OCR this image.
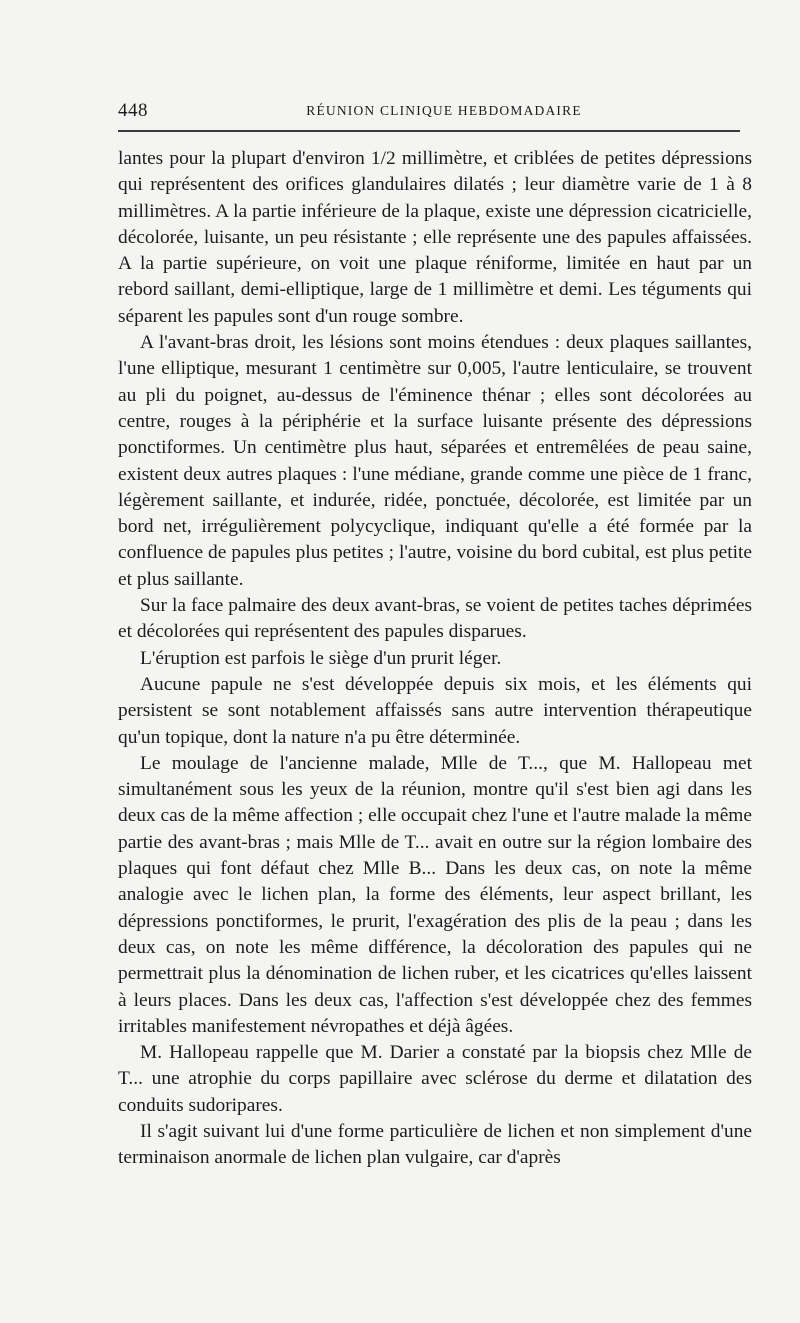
448	RÉUNION CLINIQUE HEBDOMADAIRE

lantes pour la plupart d'environ 1/2 millimètre, et criblées de petites dépressions qui représentent des orifices glandulaires dilatés ; leur diamètre varie de 1 à 8 millimètres. A la partie inférieure de la plaque, existe une dépression cicatricielle, décolorée, luisante, un peu résistante ; elle représente une des papules affaissées. A la partie supérieure, on voit une plaque réniforme, limitée en haut par un rebord saillant, demi-elliptique, large de 1 millimètre et demi. Les téguments qui séparent les papules sont d'un rouge sombre.

A l'avant-bras droit, les lésions sont moins étendues : deux plaques saillantes, l'une elliptique, mesurant 1 centimètre sur 0,005, l'autre lenticulaire, se trouvent au pli du poignet, au-dessus de l'éminence thénar ; elles sont décolorées au centre, rouges à la périphérie et la surface luisante présente des dépressions ponctiformes. Un centimètre plus haut, séparées et entremêlées de peau saine, existent deux autres plaques : l'une médiane, grande comme une pièce de 1 franc, légèrement saillante, et indurée, ridée, ponctuée, décolorée, est limitée par un bord net, irrégulièrement polycyclique, indiquant qu'elle a été formée par la confluence de papules plus petites ; l'autre, voisine du bord cubital, est plus petite et plus saillante.

Sur la face palmaire des deux avant-bras, se voient de petites taches déprimées et décolorées qui représentent des papules disparues.

L'éruption est parfois le siège d'un prurit léger.

Aucune papule ne s'est développée depuis six mois, et les éléments qui persistent se sont notablement affaissés sans autre intervention thérapeutique qu'un topique, dont la nature n'a pu être déterminée.

Le moulage de l'ancienne malade, Mlle de T..., que M. Hallopeau met simultanément sous les yeux de la réunion, montre qu'il s'est bien agi dans les deux cas de la même affection ; elle occupait chez l'une et l'autre malade la même partie des avant-bras ; mais Mlle de T... avait en outre sur la région lombaire des plaques qui font défaut chez Mlle B... Dans les deux cas, on note la même analogie avec le lichen plan, la forme des éléments, leur aspect brillant, les dépressions ponctiformes, le prurit, l'exagération des plis de la peau ; dans les deux cas, on note les même différence, la décoloration des papules qui ne permettrait plus la dénomination de lichen ruber, et les cicatrices qu'elles laissent à leurs places. Dans les deux cas, l'affection s'est développée chez des femmes irritables manifestement névropathes et déjà âgées.

M. Hallopeau rappelle que M. Darier a constaté par la biopsis chez Mlle de T... une atrophie du corps papillaire avec sclérose du derme et dilatation des conduits sudoripares.

Il s'agit suivant lui d'une forme particulière de lichen et non simplement d'une terminaison anormale de lichen plan vulgaire, car d'après
